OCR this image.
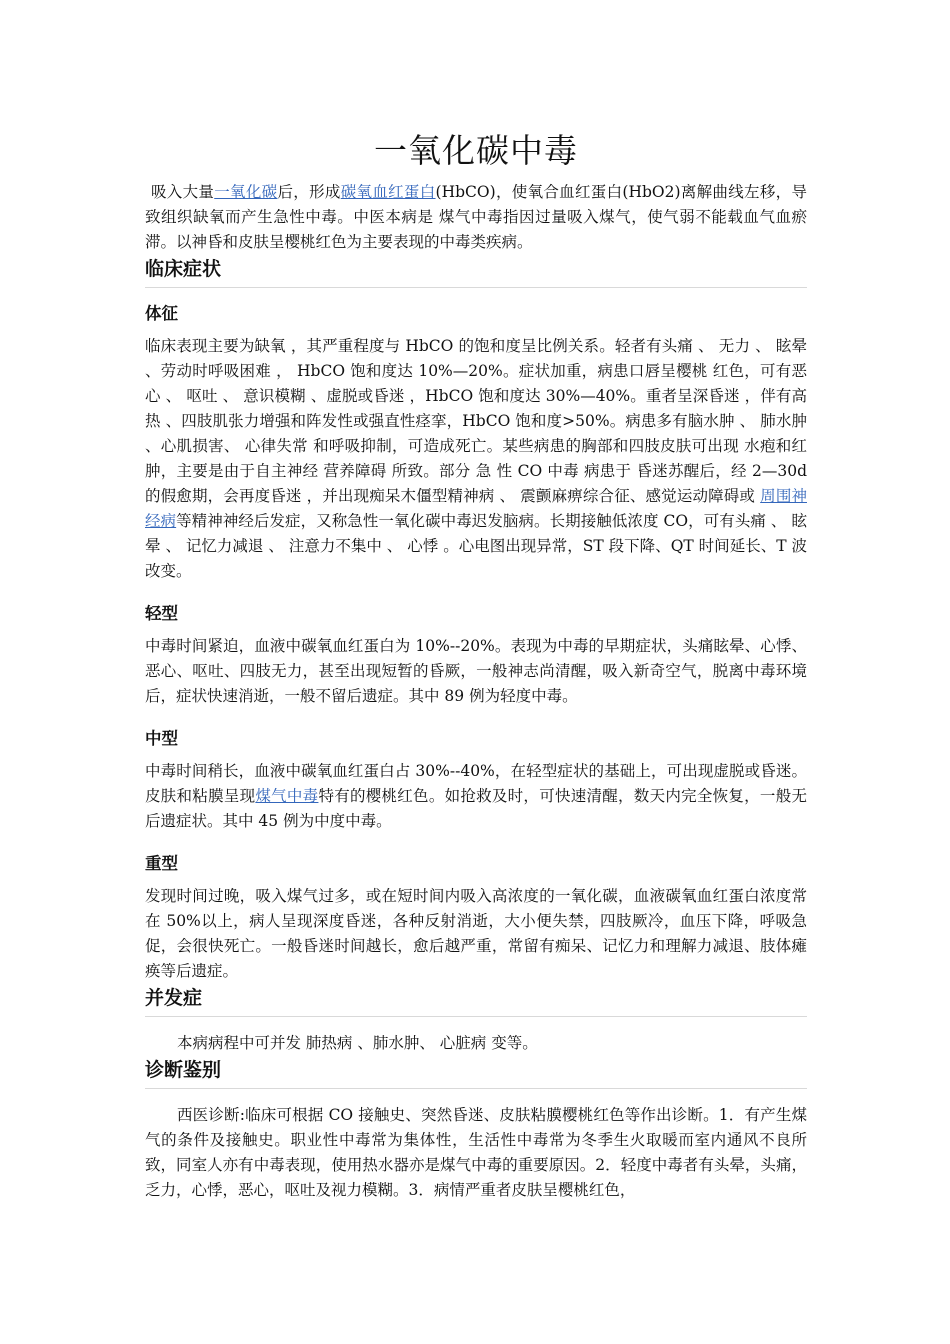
一氧化碳中毒

吸入大量一氧化碳后，形成碳氧血红蛋白(HbCO)，使氧合血红蛋白(HbO2)离解曲线左移，导致组织缺氧而产生急性中毒。中医本病是 煤气中毒指因过量吸入煤气，使气弱不能载血气血瘀滞。以神昏和皮肤呈樱桃红色为主要表现的中毒类疾病。

临床症状
体征

临床表现主要为缺氧 ，其严重程度与 HbCO 的饱和度呈比例关系。轻者有头痛 、 无力 、 眩晕 、劳动时呼吸困难 ， HbCO 饱和度达 10%—20%。症状加重，病患口唇呈樱桃 红色，可有恶心 、 呕吐 、 意识模糊 、虚脱或昏迷 ，HbCO 饱和度达 30%—40%。重者呈深昏迷 ，伴有高热 、四肢肌张力增强和阵发性或强直性痉挛，HbCO 饱和度>50%。病患多有脑水肿 、 肺水肿 、心肌损害、 心律失常 和呼吸抑制，可造成死亡。某些病患的胸部和四肢皮肤可出现 水疱和红肿，主要是由于自主神经 营养障碍 所致。部分 急 性 CO 中毒 病患于 昏迷苏醒后，经 2—30d 的假愈期，会再度昏迷 ，并出现痴呆木僵型精神病 、 震颤麻痹综合征、感觉运动障碍或 周围神经病等精神神经后发症，又称急性一氧化碳中毒迟发脑病。长期接触低浓度 CO，可有头痛 、 眩晕 、 记忆力减退 、 注意力不集中 、 心悸 。心电图出现异常，ST 段下降、QT 时间延长、T 波改变。

轻型

中毒时间紧迫，血液中碳氧血红蛋白为 10%--20%。表现为中毒的早期症状，头痛眩晕、心悸、恶心、呕吐、四肢无力，甚至出现短暂的昏厥，一般神志尚清醒，吸入新奇空气，脱离中毒环境后，症状快速消逝，一般不留后遗症。其中 89 例为轻度中毒。

中型

中毒时间稍长，血液中碳氧血红蛋白占 30%--40%，在轻型症状的基础上，可出现虚脱或昏迷。皮肤和粘膜呈现煤气中毒特有的樱桃红色。如抢救及时，可快速清醒，数天内完全恢复，一般无后遗症状。其中 45 例为中度中毒。

重型

发现时间过晚，吸入煤气过多，或在短时间内吸入高浓度的一氧化碳，血液碳氧血红蛋白浓度常在 50%以上，病人呈现深度昏迷，各种反射消逝，大小便失禁，四肢厥冷，血压下降，呼吸急促，会很快死亡。一般昏迷时间越长，愈后越严重，常留有痴呆、记忆力和理解力减退、肢体瘫痪等后遗症。

并发症

本病病程中可并发 肺热病 、肺水肿、 心脏病 变等。

诊断鉴别

西医诊断:临床可根据 CO 接触史、突然昏迷、皮肤粘膜樱桃红色等作出诊断。1．有产生煤气的条件及接触史。职业性中毒常为集体性，生活性中毒常为冬季生火取暖而室内通风不良所致，同室人亦有中毒表现，使用热水器亦是煤气中毒的重要原因。2．轻度中毒者有头晕，头痛，乏力，心悸，恶心，呕吐及视力模糊。3．病情严重者皮肤呈樱桃红色，
